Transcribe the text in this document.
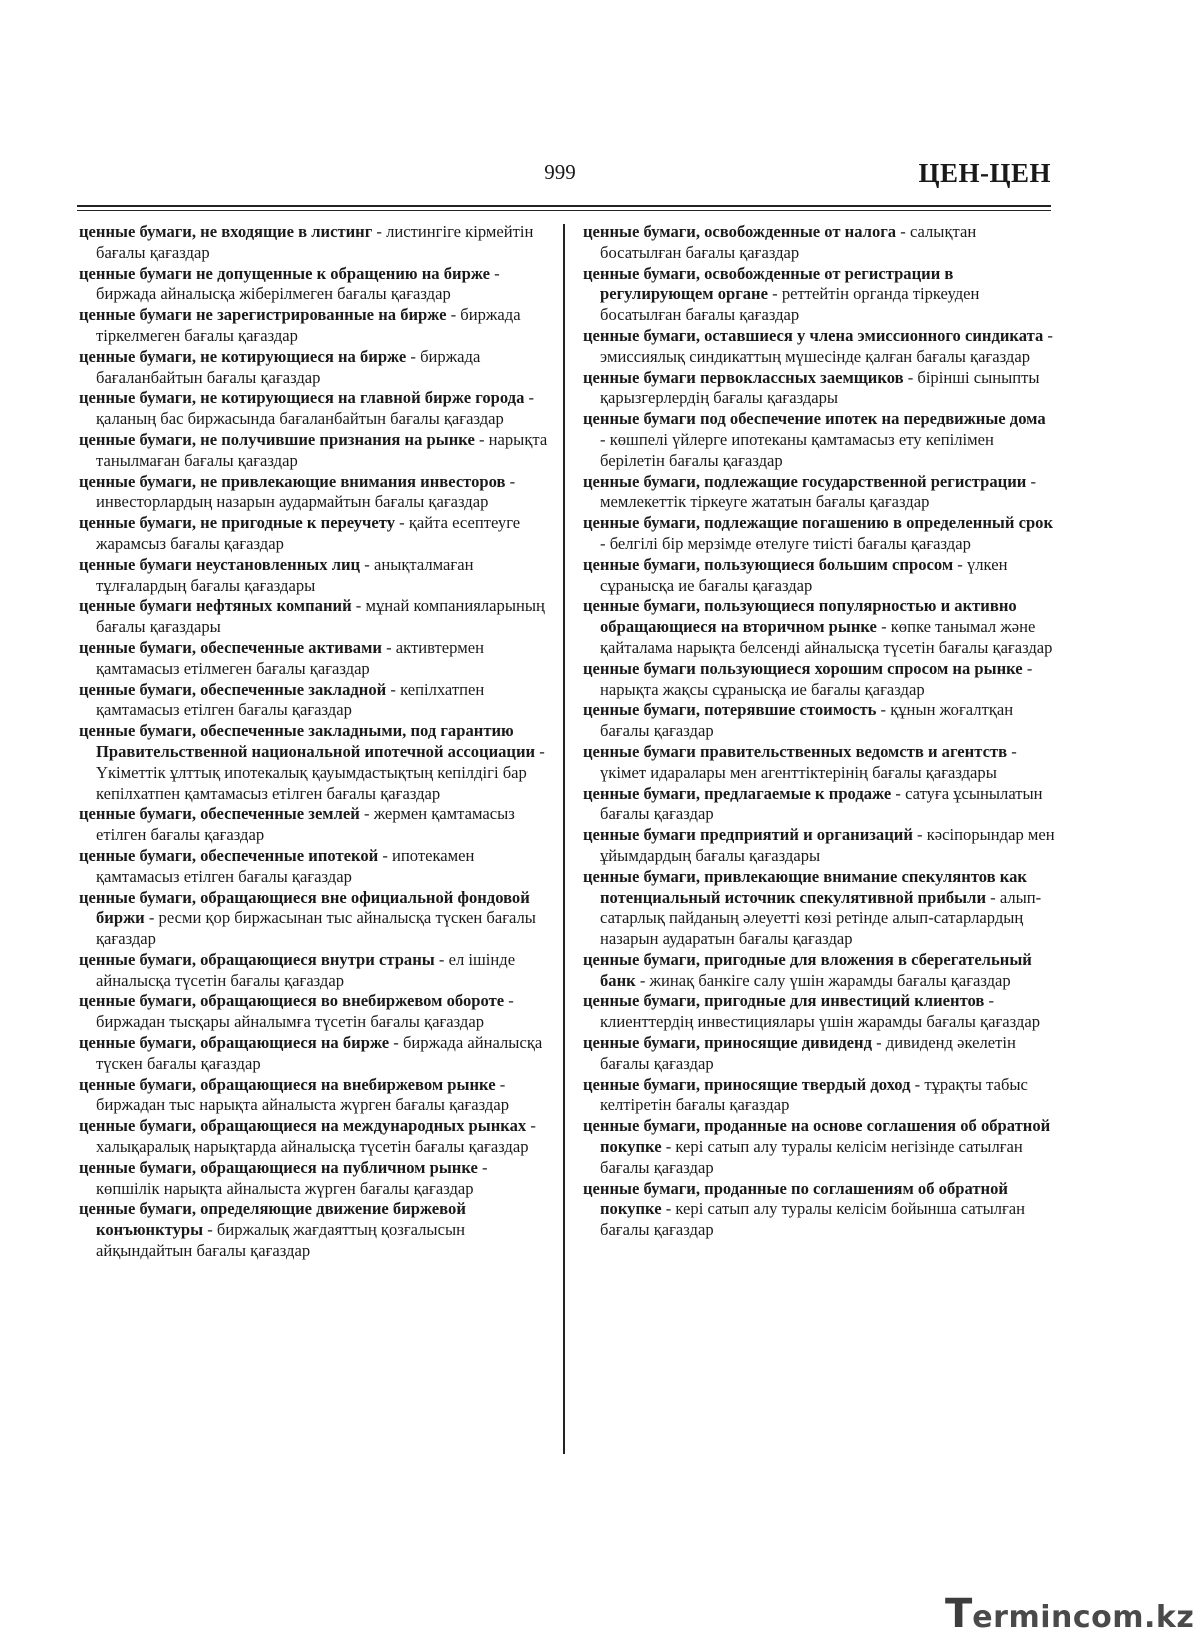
999	ЦЕН-ЦЕН

ценные бумаги, не входящие в листинг - листингіге кірмейтін бағалы қағаздар

ценные бумаги не допущенные к обращению на бирже - биржада айналысқа жіберілмеген бағалы қағаздар

ценные бумаги не зарегистрированные на бирже - биржада тіркелмеген бағалы қағаздар

ценные бумаги, не котирующиеся на бирже - биржада бағаланбайтын бағалы қағаздар

ценные бумаги, не котирующиеся на главной бирже города - қаланың бас биржасында бағаланбайтын бағалы қағаздар

ценные бумаги, не получившие признания на рынке - нарықта танылмаған бағалы қағаздар

ценные бумаги, не привлекающие внимания инвесторов - инвесторлардың назарын аудармайтын бағалы қағаздар

ценные бумаги, не пригодные к переучету - қайта есептеуге жарамсыз бағалы қағаздар

ценные бумаги неустановленных лиц - анықталмаған тұлғалардың бағалы қағаздары

ценные бумаги нефтяных компаний - мұнай компанияларының бағалы қағаздары

ценные бумаги, обеспеченные активами - активтермен қамтамасыз етілмеген бағалы қағаздар

ценные бумаги, обеспеченные закладной - кепілхатпен қамтамасыз етілген бағалы қағаздар

ценные бумаги, обеспеченные закладными, под гарантию Правительственной национальной ипотечной ассоциации - Үкіметтік ұлттық ипотекалық қауымдастықтың кепілдігі бар кепілхатпен қамтамасыз етілген бағалы қағаздар

ценные бумаги, обеспеченные землей - жермен қамтамасыз етілген бағалы қағаздар

ценные бумаги, обеспеченные ипотекой - ипотекамен қамтамасыз етілген бағалы қағаздар

ценные бумаги, обращающиеся вне официальной фондовой биржи - ресми қор биржасынан тыс айналысқа түскен бағалы қағаздар

ценные бумаги, обращающиеся внутри страны - ел ішінде айналысқа түсетін бағалы қағаздар

ценные бумаги, обращающиеся во внебиржевом обороте - биржадан тысқары айналымға түсетін бағалы қағаздар

ценные бумаги, обращающиеся на бирже - биржада айналысқа түскен бағалы қағаздар

ценные бумаги, обращающиеся на внебиржевом рынке - биржадан тыс нарықта айналыста жүрген бағалы қағаздар

ценные бумаги, обращающиеся на международных рынках - халықаралық нарықтарда айналысқа түсетін бағалы қағаздар

ценные бумаги, обращающиеся на публичном рынке - көпшілік нарықта айналыста жүрген бағалы қағаздар

ценные бумаги, определяющие движение биржевой конъюнктуры - биржалық жағдаяттың қозғалысын айқындайтын бағалы қағаздар

ценные бумаги, освобожденные от налога - салықтан босатылған бағалы қағаздар

ценные бумаги, освобожденные от регистрации в регулирующем органе - реттейтін органда тіркеуден босатылған бағалы қағаздар

ценные бумаги, оставшиеся у члена эмиссионного синдиката - эмиссиялық синдикаттың мүшесінде қалған бағалы қағаздар

ценные бумаги первоклассных заемщиков - бірінші сыныпты қарызгерлердің бағалы қағаздары

ценные бумаги под обеспечение ипотек на передвижные дома - көшпелі үйлерге ипотеканы қамтамасыз ету кепілімен берілетін бағалы қағаздар

ценные бумаги, подлежащие государственной регистрации - мемлекеттік тіркеуге жататын бағалы қағаздар

ценные бумаги, подлежащие погашению в определенный срок - белгілі бір мерзімде өтелуге тиісті бағалы қағаздар

ценные бумаги, пользующиеся большим спросом - үлкен сұранысқа ие бағалы қағаздар

ценные бумаги, пользующиеся популярностью и активно обращающиеся на вторичном рынке - көпке танымал және қайталама нарықта белсенді айналысқа түсетін бағалы қағаздар

ценные бумаги пользующиеся хорошим спросом на рынке - нарықта жақсы сұранысқа ие бағалы қағаздар

ценные бумаги, потерявшие стоимость - құнын жоғалтқан бағалы қағаздар

ценные бумаги правительственных ведомств и агентств - үкімет идаралары мен агенттіктерінің бағалы қағаздары

ценные бумаги, предлагаемые к продаже - сатуға ұсынылатын бағалы қағаздар

ценные бумаги предприятий и организаций - кәсіпорындар мен ұйымдардың бағалы қағаздары

ценные бумаги, привлекающие внимание спекулянтов как потенциальный источник спекулятивной прибыли - алып-сатарлық пайданың әлеуетті көзі ретінде алып-сатарлардың назарын аударатын бағалы қағаздар

ценные бумаги, пригодные для вложения в сберегательный банк - жинақ банкіге салу үшін жарамды бағалы қағаздар

ценные бумаги, пригодные для инвестиций клиентов - клиенттердің инвестициялары үшін жарамды бағалы қағаздар

ценные бумаги, приносящие дивиденд - дивиденд әкелетін бағалы қағаздар

ценные бумаги, приносящие твердый доход - тұрақты табыс келтіретін бағалы қағаздар

ценные бумаги, проданные на основе соглашения об обратной покупке - кері сатып алу туралы келісім негізінде сатылған бағалы қағаздар

ценные бумаги, проданные по соглашениям об обратной покупке - кері сатып алу туралы келісім бойынша сатылған бағалы қағаздар

T ermincom.kz
